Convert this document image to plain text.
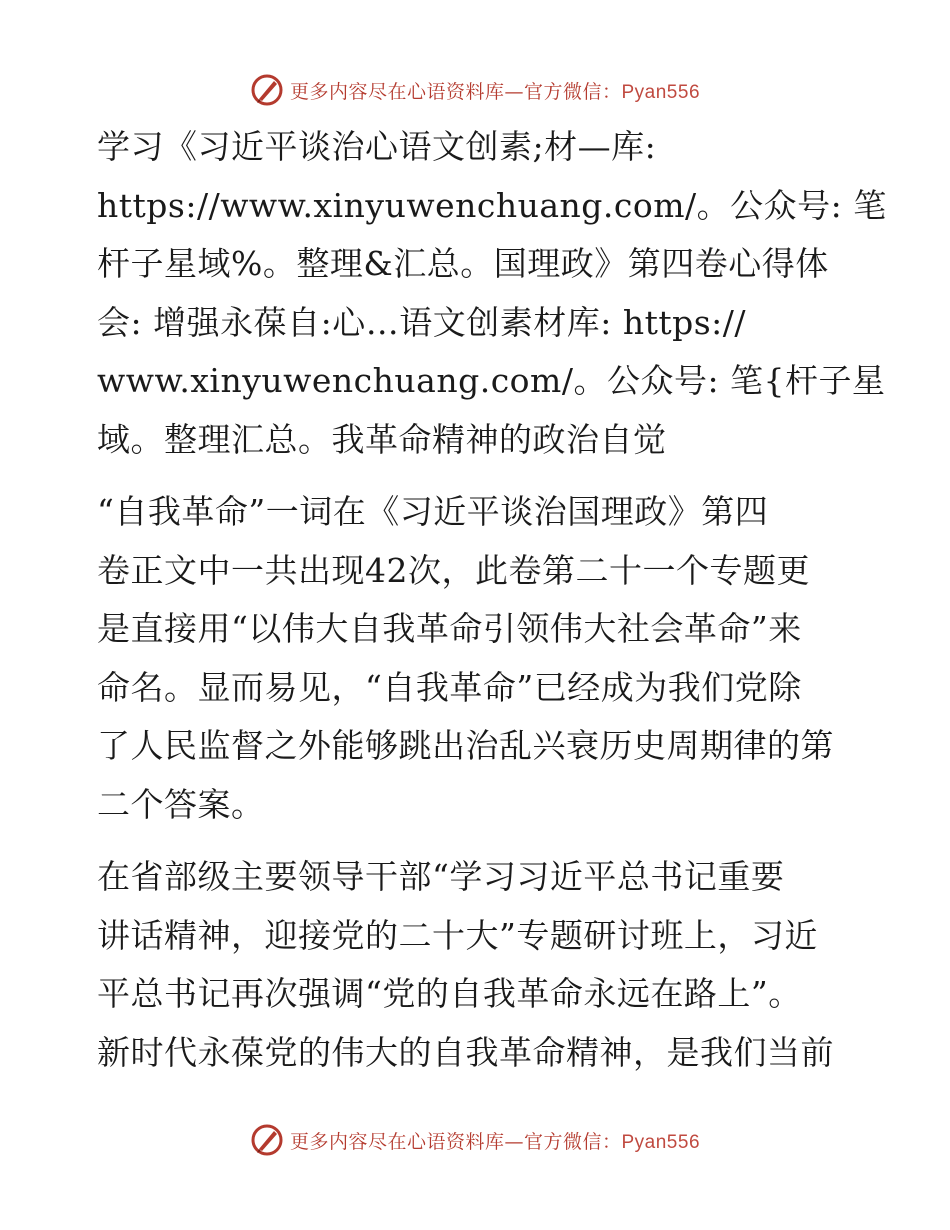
更多内容尽在心语资料库—官方微信：Pyan556
学习《习近平谈治心语文创素;材—库:
https://www.xinyuwenchuang.com/。公众号: 笔
杆子星域%。整理&汇总。国理政》第四卷心得体
会: 增强永葆自:心…语文创素材库: https://
www.xinyuwenchuang.com/。公众号: 笔{杆子星
域。整理汇总。我革命精神的政治自觉
“自我革命”一词在《习近平谈治国理政》第四
卷正文中一共出现42次，此卷第二十一个专题更
是直接用“以伟大自我革命引领伟大社会革命”来
命名。显而易见，“自我革命”已经成为我们党除
了人民监督之外能够跳出治乱兴衰历史周期律的第
二个答案。
在省部级主要领导干部“学习习近平总书记重要
讲话精神，迎接党的二十大”专题研讨班上，习近
平总书记再次强调“党的自我革命永远在路上”。
新时代永葆党的伟大的自我革命精神，是我们当前
更多内容尽在心语资料库—官方微信：Pyan556
